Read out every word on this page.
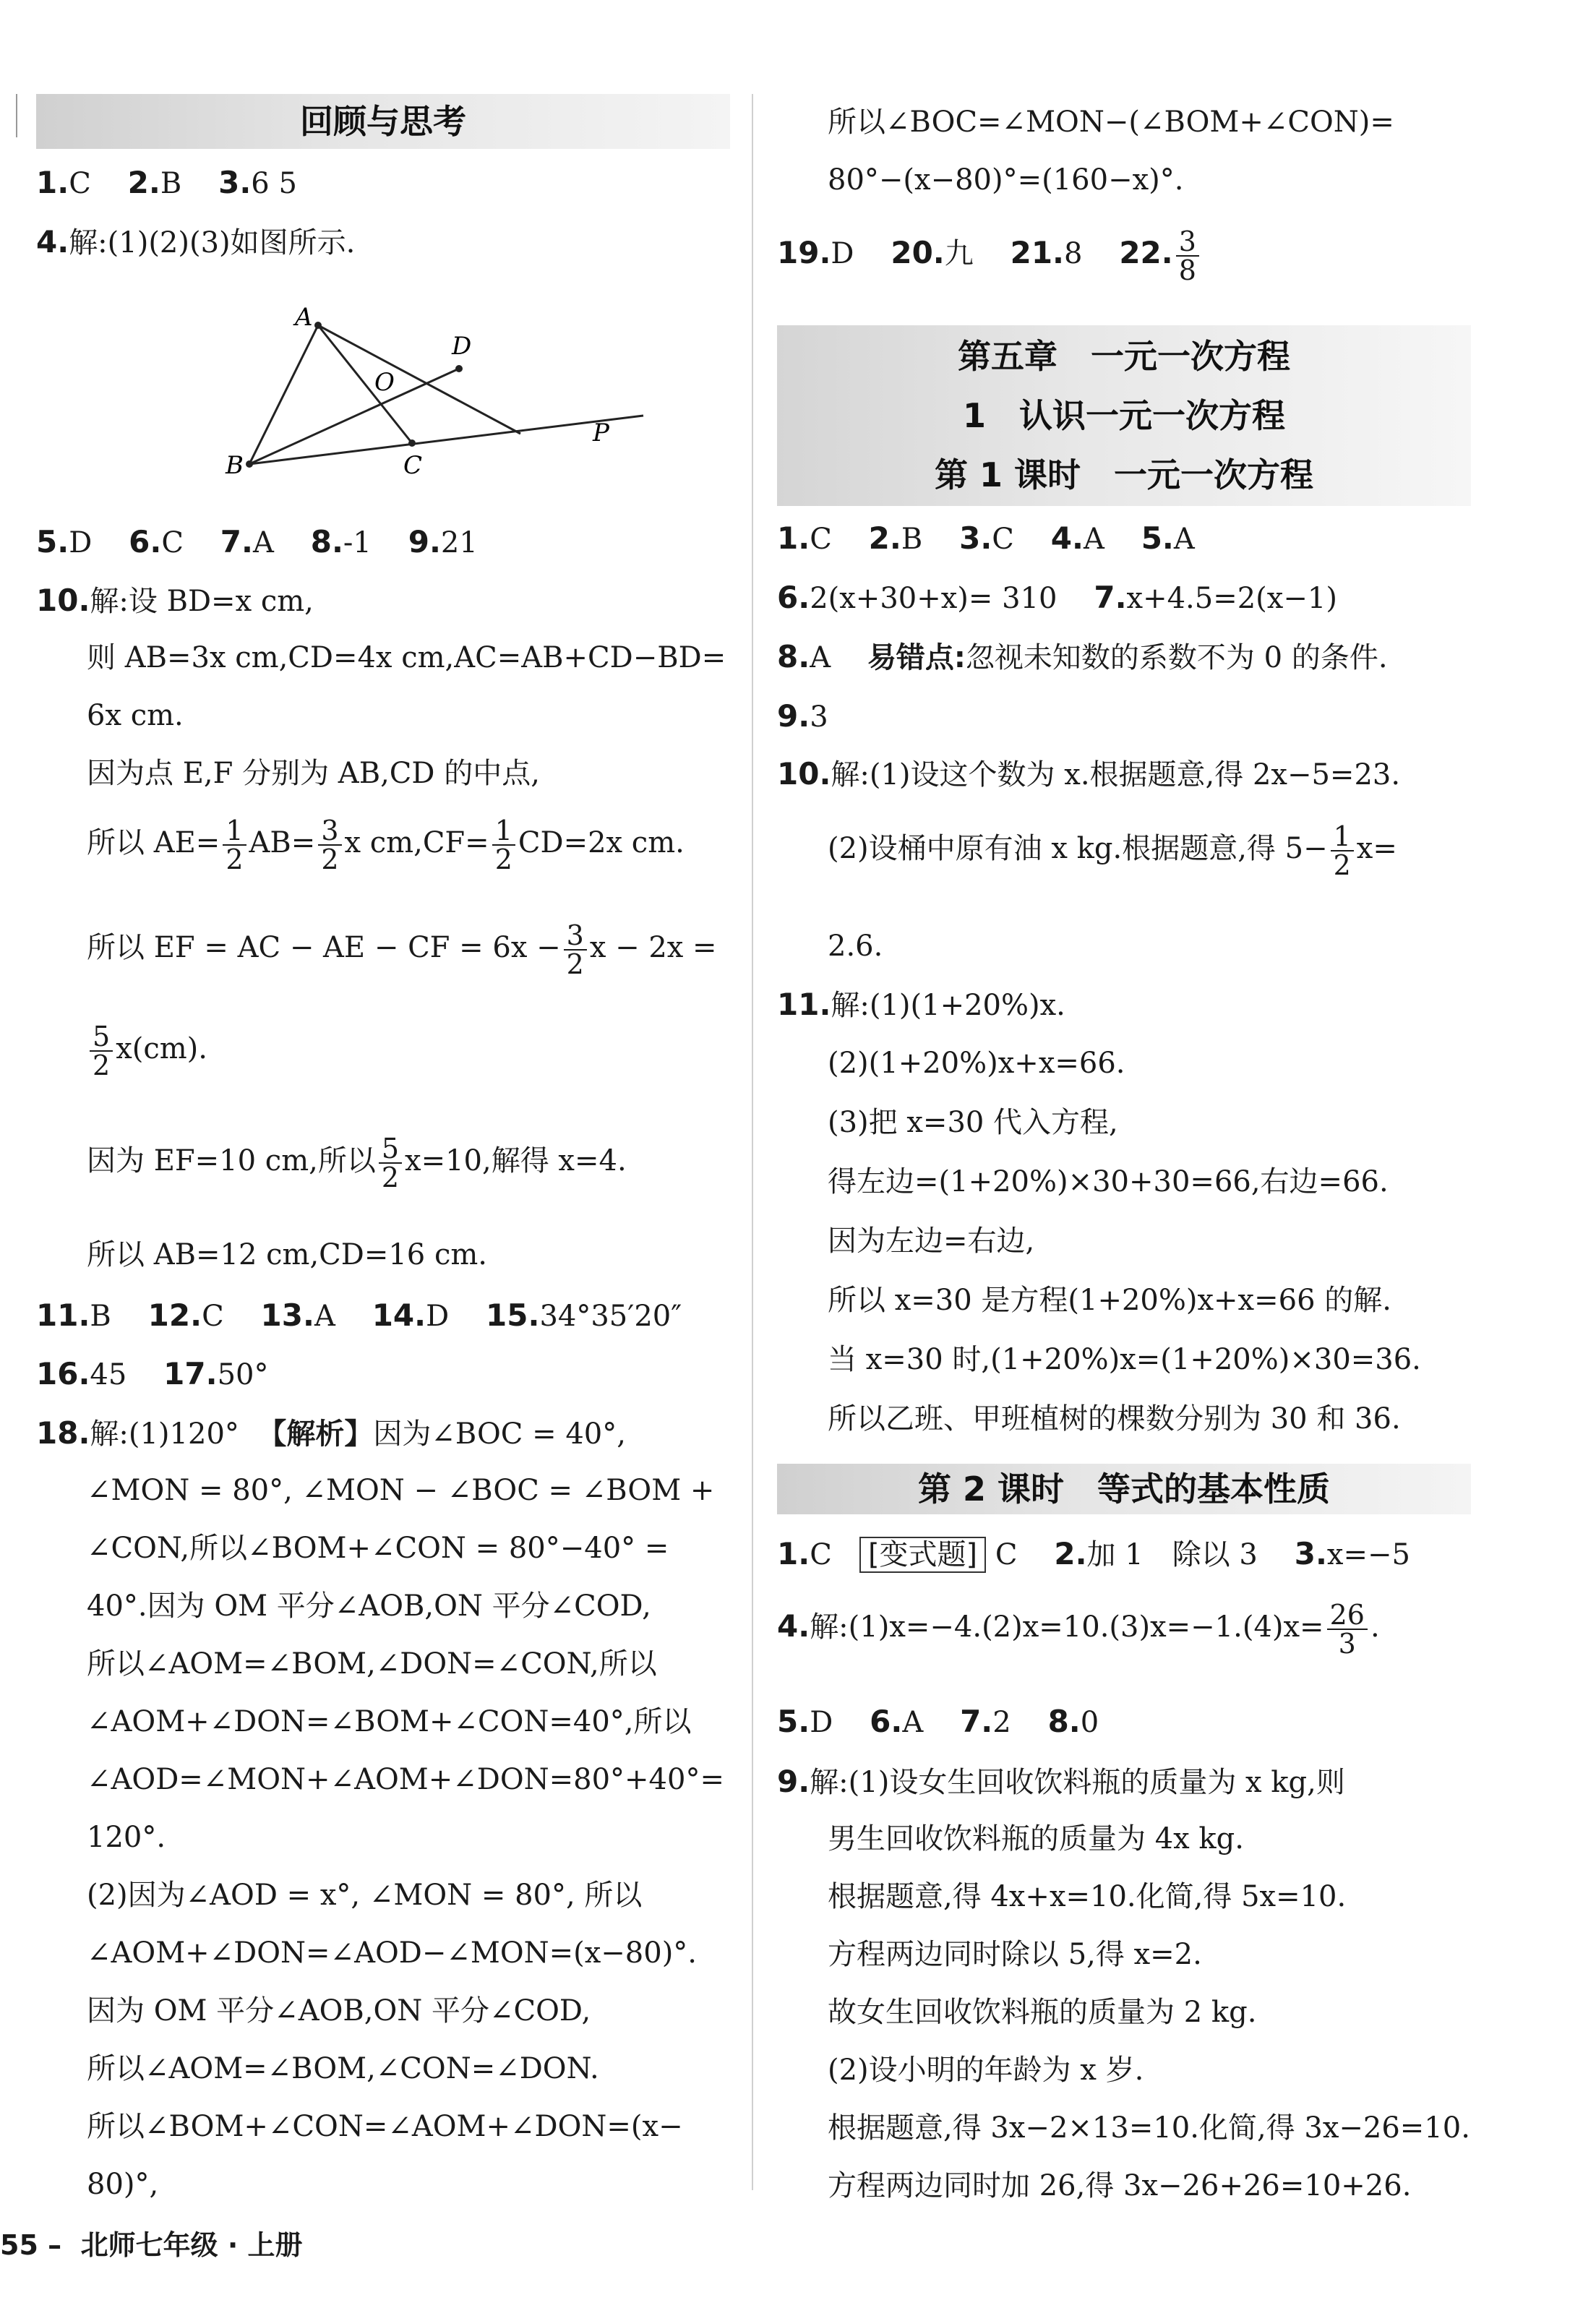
回顾与思考
1.C 2.B 3.6 5
4.解:(1)(2)(3)如图所示.
A
B	C
D
O
P
5.D 6.C 7.A 8.-1 9.21
10.解:设 BD=x cm,
则 AB=3x cm,CD=4x cm,AC=AB+CD−BD=
6x cm.
因为点 E,F 分别为 AB,CD 的中点,
所以 $AE= \frac{1}{2} AB= \frac{3}{2}$ x $cm,CF= \frac{1}{2} CD=2x$ cm.
所以 EF = AC − AE − CF = $6x - \frac{3}{2}$ x − 2x =
$\frac{5}{2} x(cm)$.
因为 EF=10 cm,所以 $\frac{5}{2} x=10$,解得 x=4.
所以 AB=12 cm,CD=16 cm.
11.B 12.C 13.A 14.D 15.34°35′20″
16.45 17.50°
18.解:(1)120° 【解析】因为∠BOC = 40°,
∠MON = 80°, ∠MON − ∠BOC = ∠BOM +
∠CON,所以∠BOM+∠CON = 80°−40° =
40°.因为 OM 平分∠AOB,ON 平分∠COD,
所以∠AOM=∠BOM,∠DON=∠CON,所以
∠AOM+∠DON=∠BOM+∠CON=40°,所以
∠AOD=∠MON+∠AOM+∠DON=80°+40°=
120°.
(2)因为∠AOD = x°, ∠MON = 80°, 所以
∠AOM+∠DON=∠AOD−∠MON=(x−80)°.
因为 OM 平分∠AOB,ON 平分∠COD,
所以∠AOM=∠BOM,∠CON=∠DON.
所以∠BOM+∠CON=∠AOM+∠DON=(x−
80)°,
所以∠BOC=∠MON−(∠BOM+∠CON)=
80°−(x−80)°=(160−x)°.
19.D 20.九 21.8 22. $\frac{3}{8}$
第五章　一元一次方程
1　认识一元一次方程
第 1 课时　一元一次方程
1.C 2.B 3.C 4.A 5.A
6.2(x+30+x)= 310 7.x+4.5=2(x−1)
8.A 易错点:忽视未知数的系数不为 0 的条件.
9.3
10.解:(1)设这个数为 x.根据题意,得 2x−5=23.
(2)设桶中原有油 x kg.根据题意,得 $5- \frac{1}{2} x=$
2.6.
11.解:(1)(1+20%)x.
(2)(1+20%)x+x=66.
(3)把 x=30 代入方程,
得左边=(1+20%)×30+30=66,右边=66.
因为左边=右边,
所以 x=30 是方程(1+20%)x+x=66 的解.
当 x=30 时,(1+20%)x=(1+20%)×30=36.
所以乙班、甲班植树的棵数分别为 30 和 36.
第 2 课时　等式的基本性质
1.C [变式题] C 2.加 1　除以 3 3.x=−5
4.解:(1)x=−4.(2)x=10.(3)x=−1.(4)x= $\frac{26}{3}$ .
5.D 6.A 7.2 8.0
9.解:(1)设女生回收饮料瓶的质量为 x kg,则
男生回收饮料瓶的质量为 4x kg.
根据题意,得 4x+x=10.化简,得 5x=10.
方程两边同时除以 5,得 x=2.
故女生回收饮料瓶的质量为 2 kg.
(2)设小明的年龄为 x 岁.
根据题意,得 3x−2×13=10.化简,得 3x−26=10.
方程两边同时加 26,得 3x−26+26=10+26.
55 – 北师七年级 · 上册
